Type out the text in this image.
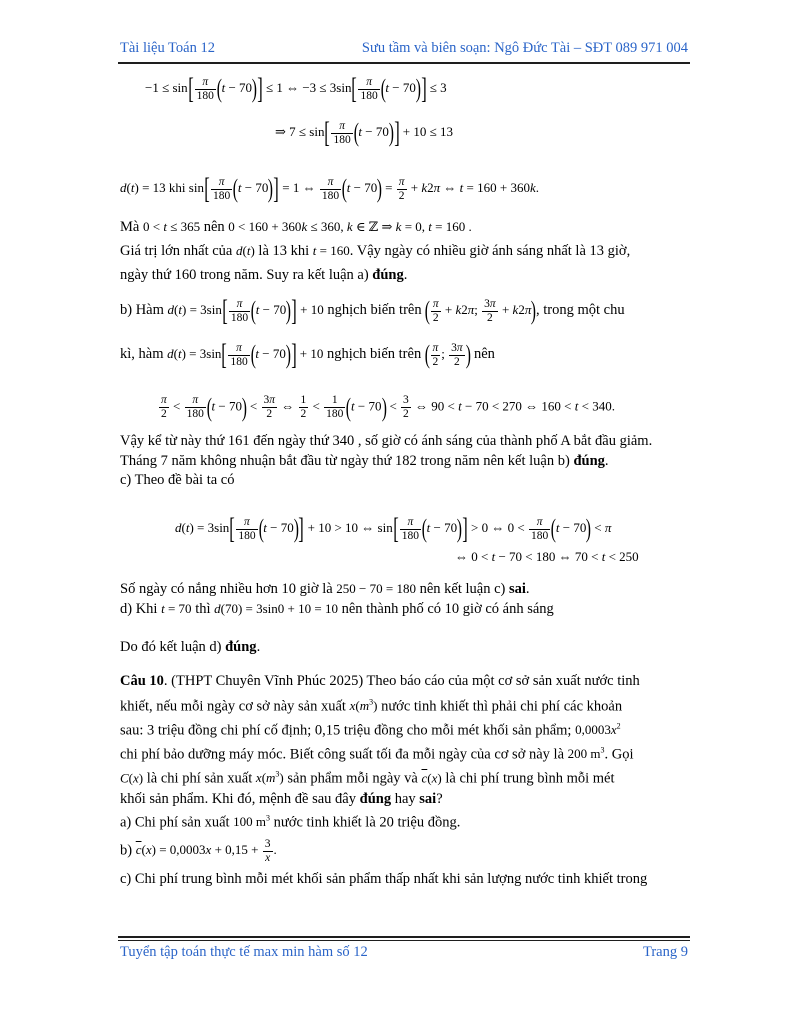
Tài liệu Toán 12	Sưu tầm và biên soạn: Ngô Đức Tài – SĐT 089 971 004
$-1 \le \sin[ \frac{\pi}{180} (t - 70)] \le 1$ ⇔ $-3 \le 3\sin[ \frac{\pi}{180} (t - 70)] \le 3$
⇒ $7 \le \sin[ \frac{\pi}{180} (t - 70)] + 10 \le 13$
d(t) = 13 khi $\sin[ \frac{\pi}{180} (t - 70)] = 1$ ⇔ $\frac{\pi}{180} (t - 70) = \frac{\pi}{2} + k2\pi$ ⇔ t = 160 + 360k.
Mà 0 < t ≤ 365 nên 0 < 160 + 360k ≤ 360, k ∈ ℤ ⇒ k = 0, t = 160 .
Giá trị lớn nhất của d(t) là 13 khi t = 160. Vậy ngày có nhiều giờ ánh sáng nhất là 13 giờ,
ngày thứ 160 trong năm. Suy ra kết luận a) đúng.
b) Hàm $d(t) = 3\sin[ \frac{\pi}{180} (t - 70)] + 10$ nghịch biến trên ( $\frac{\pi}{2} + k2\pi$; $\frac{3\pi}{2} + k2\pi$), trong một chu
kì, hàm $d(t) = 3\sin[ \frac{\pi}{180} (t - 70)] + 10$ nghịch biến trên ( $\frac{\pi}{2}$ ; $\frac{3\pi}{2}$ ) nên
$\frac{\pi}{2} < \frac{\pi}{180} (t - 70) < \frac{3\pi}{2}$ ⇔ $\frac{1}{2} < \frac{1}{180} (t - 70) < \frac{3}{2}$ ⇔ 90 < t − 70 < 270 ⇔ 160 < t < 340.
Vậy kể từ này thứ 161 đến ngày thứ 340 , số giờ có ánh sáng của thành phố A bắt đầu giảm.
Tháng 7 năm không nhuận bắt đầu từ ngày thứ 182 trong năm nên kết luận b) đúng.
c) Theo đề bài ta có
$d(t) = 3\sin[ \frac{\pi}{180} (t - 70)] + 10 > 10$ ⇔ $\sin[ \frac{\pi}{180} (t - 70)] > 0$ ⇔ $0 < \frac{\pi}{180} (t - 70) < \pi$
⇔ 0 < t − 70 < 180 ⇔ 70 < t < 250
Số ngày có nắng nhiều hơn 10 giờ là 250 − 70 = 180 nên kết luận c) sai.
d) Khi t = 70 thì d(70) = 3sin0 + 10 = 10 nên thành phố có 10 giờ có ánh sáng
Do đó kết luận d) đúng.
Câu 10. (THPT Chuyên Vĩnh Phúc 2025) Theo báo cáo của một cơ sở sản xuất nước tinh
khiết, nếu mỗi ngày cơ sở này sản xuất $x(m^3)$ nước tinh khiết thì phải chi phí các khoản
sau: 3 triệu đồng chi phí cố định; 0,15 triệu đồng cho mỗi mét khối sản phẩm; $0,0003x^2$
chi phí bảo dưỡng máy móc. Biết công suất tối đa mỗi ngày của cơ sở này là 200 $m^3$. Gọi
C(x) là chi phí sản xuất $x(m^3)$ sản phẩm mỗi ngày và $\overline{c}(x)$ là chi phí trung bình mỗi mét
khối sản phẩm. Khi đó, mệnh đề sau đây đúng hay sai?
a) Chi phí sản xuất 100 $m^3$ nước tinh khiết là 20 triệu đồng.
b) $\overline{c}(x) = 0,0003x + 0,15 + \frac{3}{x}$ .
c) Chi phí trung bình mỗi mét khối sản phẩm thấp nhất khi sản lượng nước tinh khiết trong
Tuyển tập toán thực tế max min hàm số 12	Trang 9
